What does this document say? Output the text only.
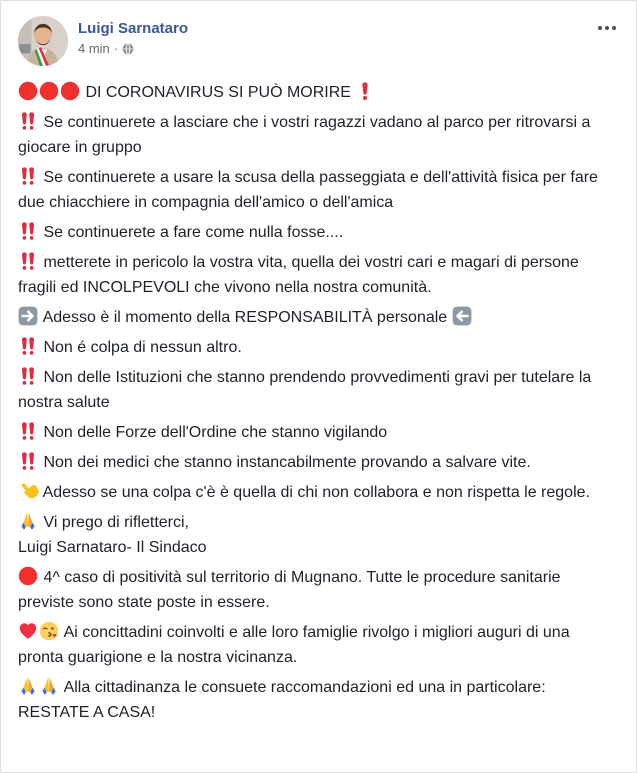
Luigi Sarnataro
4 min ·

DI CORONAVIRUS SI PUÒ MORIRE

Se continuerete a lasciare che i vostri ragazzi vadano al parco per ritrovarsi a giocare in gruppo

Se continuerete a usare la scusa della passeggiata e dell'attività fisica per fare due chiacchiere in compagnia dell'amico o dell'amica

Se continuerete a fare come nulla fosse....

metterete in pericolo la vostra vita, quella dei vostri cari e magari di persone fragili ed INCOLPEVOLI che vivono nella nostra comunità.

Adesso è il momento della RESPONSABILITÀ personale

Non é colpa di nessun altro.

Non delle Istituzioni che stanno prendendo provvedimenti gravi per tutelare la nostra salute

Non delle Forze dell'Ordine che stanno vigilando

Non dei medici che stanno instancabilmente provando a salvare vite.

Adesso se una colpa c'è è quella di chi non collabora e non rispetta le regole.

Vi prego di rifletterci,
Luigi Sarnataro- Il Sindaco

4^ caso di positività sul territorio di Mugnano. Tutte le procedure sanitarie previste sono state poste in essere.

Ai concittadini coinvolti e alle loro famiglie rivolgo i migliori auguri di una pronta guarigione e la nostra vicinanza.

Alla cittadinanza le consuete raccomandazioni ed una in particolare: RESTATE A CASA!
